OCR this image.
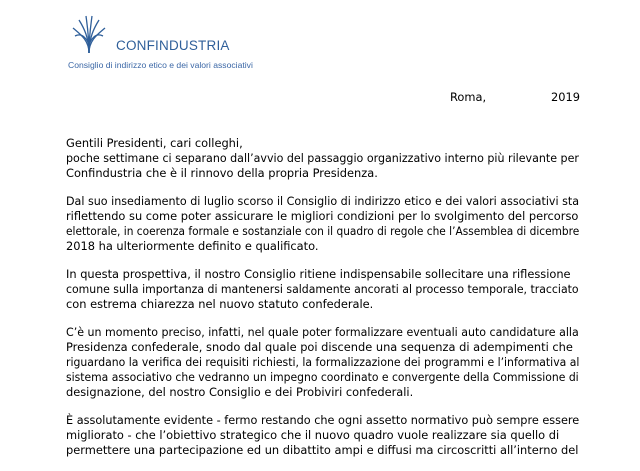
CONFINDUSTRIA
Consiglio di indirizzo etico e dei valori associativi
Roma,	2019

Gentili Presidenti, cari colleghi,
poche settimane ci separano dall’avvio del passaggio organizzativo interno più rilevante per
Confindustria che è il rinnovo della propria Presidenza.

Dal suo insediamento di luglio scorso il Consiglio di indirizzo etico e dei valori associativi sta
riflettendo su come poter assicurare le migliori condizioni per lo svolgimento del percorso
elettorale, in coerenza formale e sostanziale con il quadro di regole che l’Assemblea di dicembre
2018 ha ulteriormente definito e qualificato.

In questa prospettiva, il nostro Consiglio ritiene indispensabile sollecitare una riflessione
comune sulla importanza di mantenersi saldamente ancorati al processo temporale, tracciato
con estrema chiarezza nel nuovo statuto confederale.

C’è un momento preciso, infatti, nel quale poter formalizzare eventuali auto candidature alla
Presidenza confederale, snodo dal quale poi discende una sequenza di adempimenti che
riguardano la verifica dei requisiti richiesti, la formalizzazione dei programmi e l’informativa al
sistema associativo che vedranno un impegno coordinato e convergente della Commissione di
designazione, del nostro Consiglio e dei Probiviri confederali.

È assolutamente evidente - fermo restando che ogni assetto normativo può sempre essere
migliorato - che l’obiettivo strategico che il nuovo quadro vuole realizzare sia quello di
permettere una partecipazione ed un dibattito ampi e diffusi ma circoscritti all’interno del
